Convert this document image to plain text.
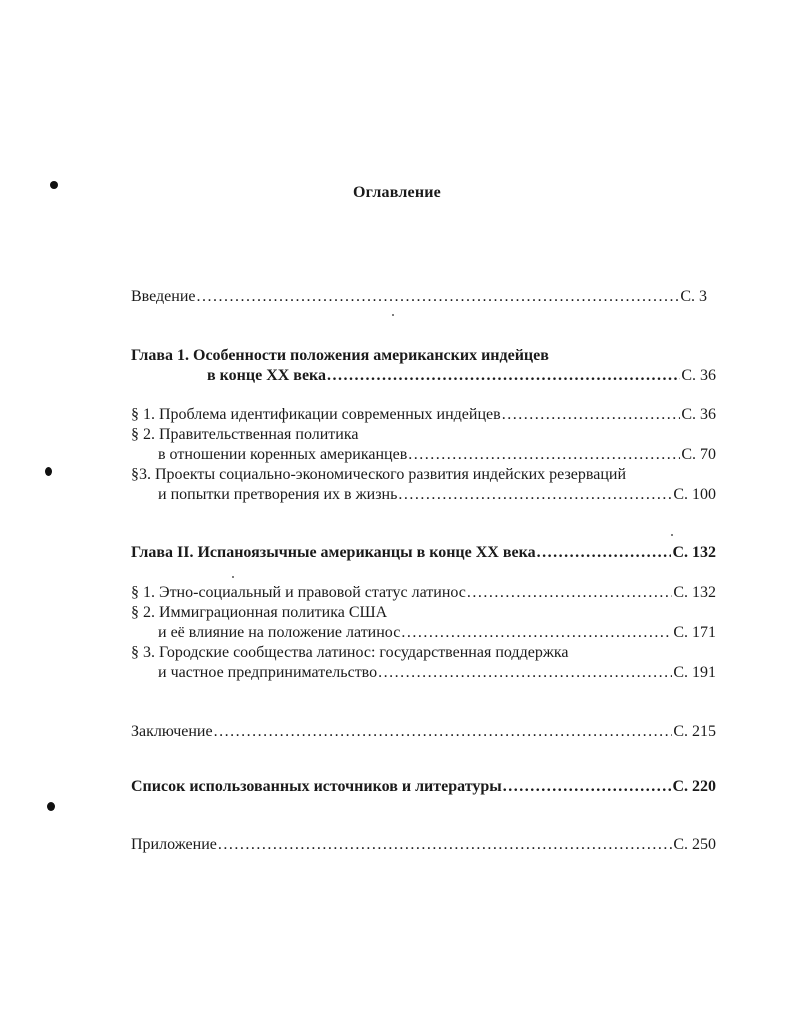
Оглавление
Введение .....	С. 3
Глава 1. Особенности положения американских индейцев
в конце XX века .....	С. 36
§ 1. Проблема идентификации современных индейцев .....	С. 36
§ 2. Правительственная политика
в отношении коренных американцев .....	С. 70
§3. Проекты социально-экономического развития индейских резерваций
и попытки претворения их в жизнь .....	С. 100
Глава II. Испаноязычные американцы в конце XX века .....	С. 132
§ 1. Этно-социальный и правовой статус латинос .....	С. 132
§ 2. Иммиграционная политика США
и её влияние на положение латинос .....	С. 171
§ 3. Городские сообщества латинос: государственная поддержка
и частное предпринимательство .....	С. 191
Заключение .....	С. 215
Список использованных источников и литературы .....	С. 220
Приложение .....	С. 250
